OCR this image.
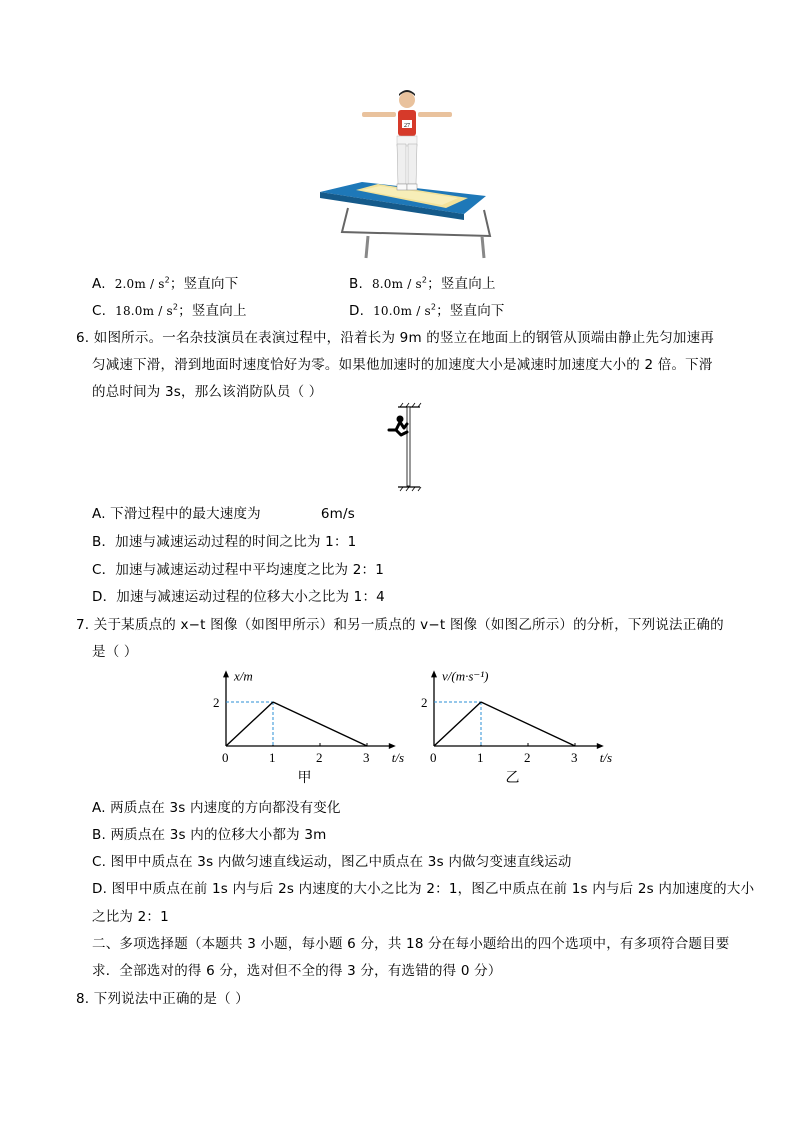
27
A. $2.0m / s^2$；竖直向下	B. $8.0m / s^2$；竖直向上
C. $18.0m / s^2$；竖直向上	D. $10.0m / s^2$；竖直向下
6. 如图所示。一名杂技演员在表演过程中，沿着长为 9m 的竖立在地面上的钢管从顶端由静止先匀加速再
匀减速下滑，滑到地面时速度恰好为零。如果他加速时的加速度大小是减速时加速度大小的 2 倍。下滑
的总时间为 3s，那么该消防队员（ ）
A. 下滑过程中的最大速度为	6m/s
B．加速与减速运动过程的时间之比为 1：1
C．加速与减速运动过程中平均速度之比为 2：1
D．加速与减速运动过程的位移大小之比为 1：4
7. 关于某质点的 x−t 图像（如图甲所示）和另一质点的 v−t 图像（如图乙所示）的分析，下列说法正确的
是（ ）
x/m
t/s
0	1	2	3
2
甲
v/(m·s⁻¹)
t/s
0	1	2	3
2
乙
A. 两质点在 3s 内速度的方向都没有变化
B. 两质点在 3s 内的位移大小都为 3m
C. 图甲中质点在 3s 内做匀速直线运动，图乙中质点在 3s 内做匀变速直线运动
D. 图甲中质点在前 1s 内与后 2s 内速度的大小之比为 2：1，图乙中质点在前 1s 内与后 2s 内加速度的大小
之比为 2：1
二、多项选择题（本题共 3 小题，每小题 6 分，共 18 分在每小题给出的四个选项中，有多项符合题目要
求．全部选对的得 6 分，选对但不全的得 3 分，有选错的得 0 分）
8. 下列说法中正确的是（ ）
